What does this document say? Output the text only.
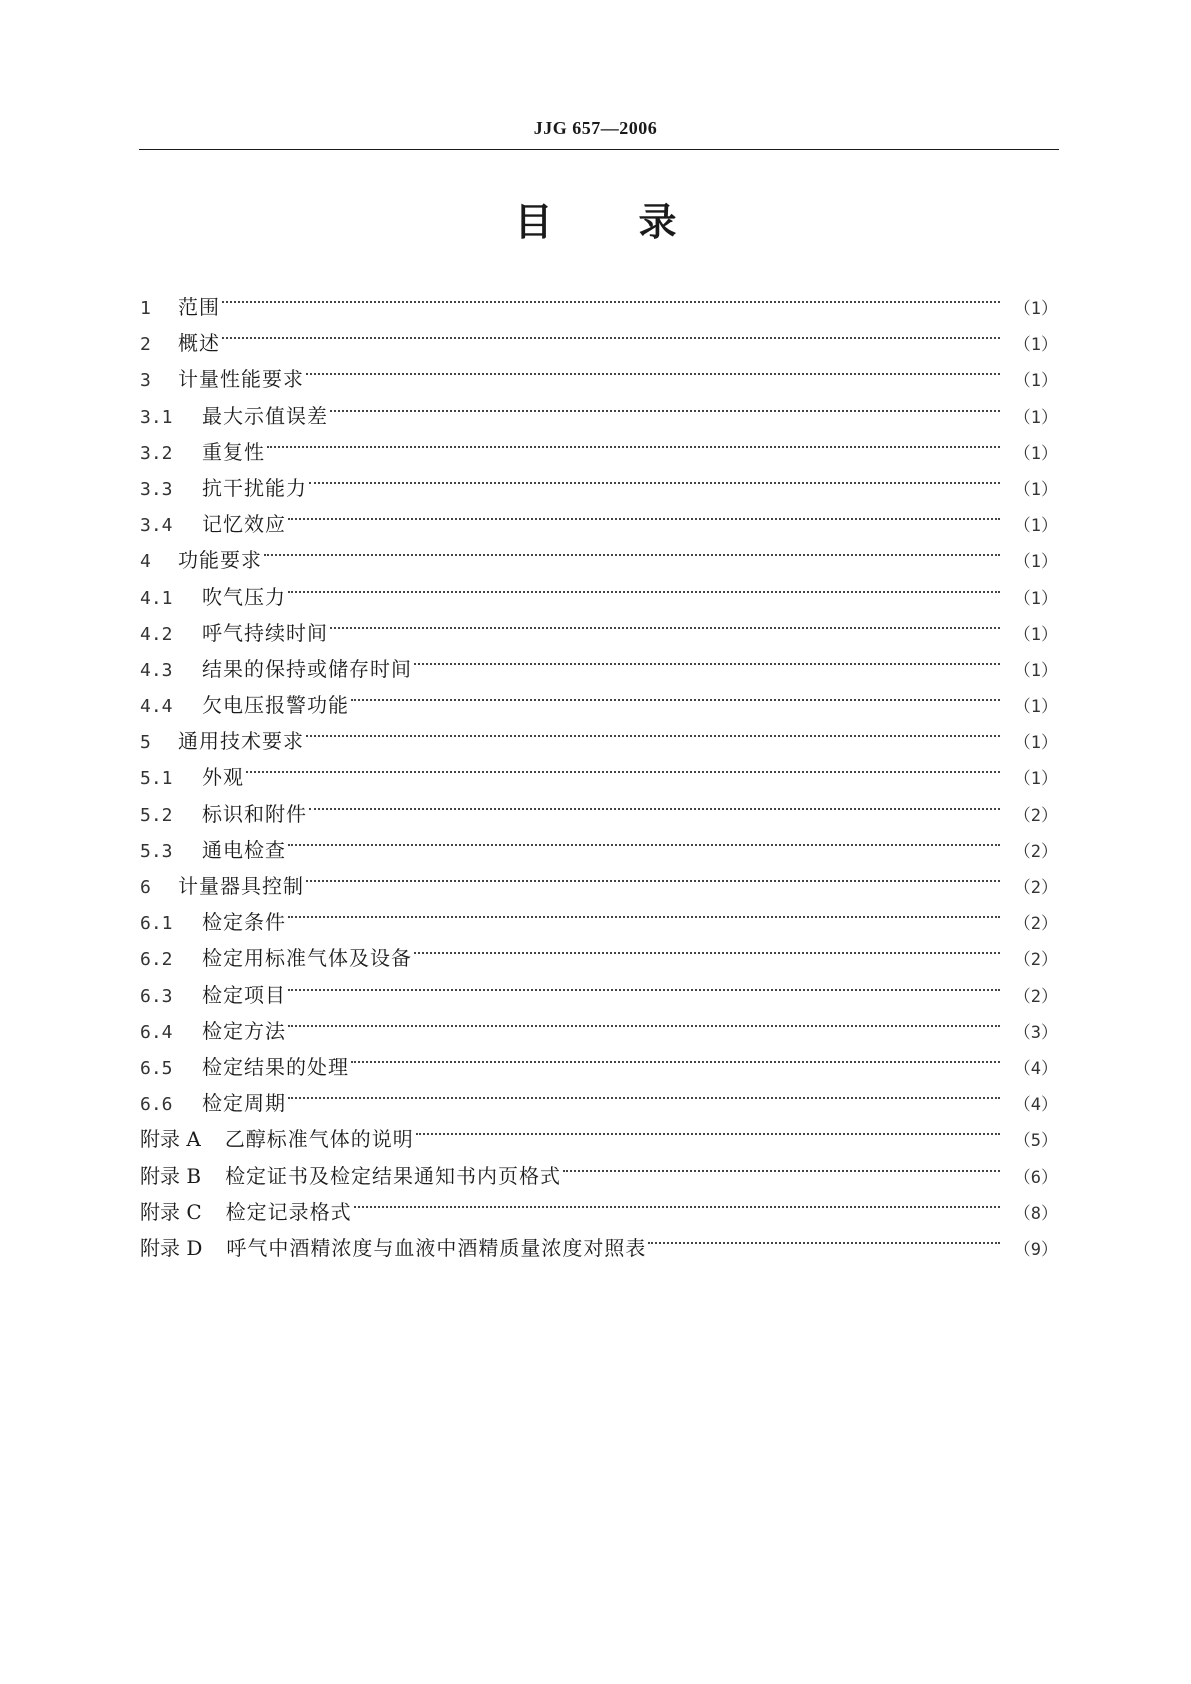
JJG 657—2006
目 录
1	范围	（1）
2	概述	（1）
3	计量性能要求	（1）
3.1	最大示值误差	（1）
3.2	重复性	（1）
3.3	抗干扰能力	（1）
3.4	记忆效应	（1）
4	功能要求	（1）
4.1	吹气压力	（1）
4.2	呼气持续时间	（1）
4.3	结果的保持或储存时间	（1）
4.4	欠电压报警功能	（1）
5	通用技术要求	（1）
5.1	外观	（1）
5.2	标识和附件	（2）
5.3	通电检查	（2）
6	计量器具控制	（2）
6.1	检定条件	（2）
6.2	检定用标准气体及设备	（2）
6.3	检定项目	（2）
6.4	检定方法	（3）
6.5	检定结果的处理	（4）
6.6	检定周期	（4）
附录 A 乙醇标准气体的说明	（5）
附录 B 检定证书及检定结果通知书内页格式	（6）
附录 C 检定记录格式	（8）
附录 D 呼气中酒精浓度与血液中酒精质量浓度对照表	（9）
